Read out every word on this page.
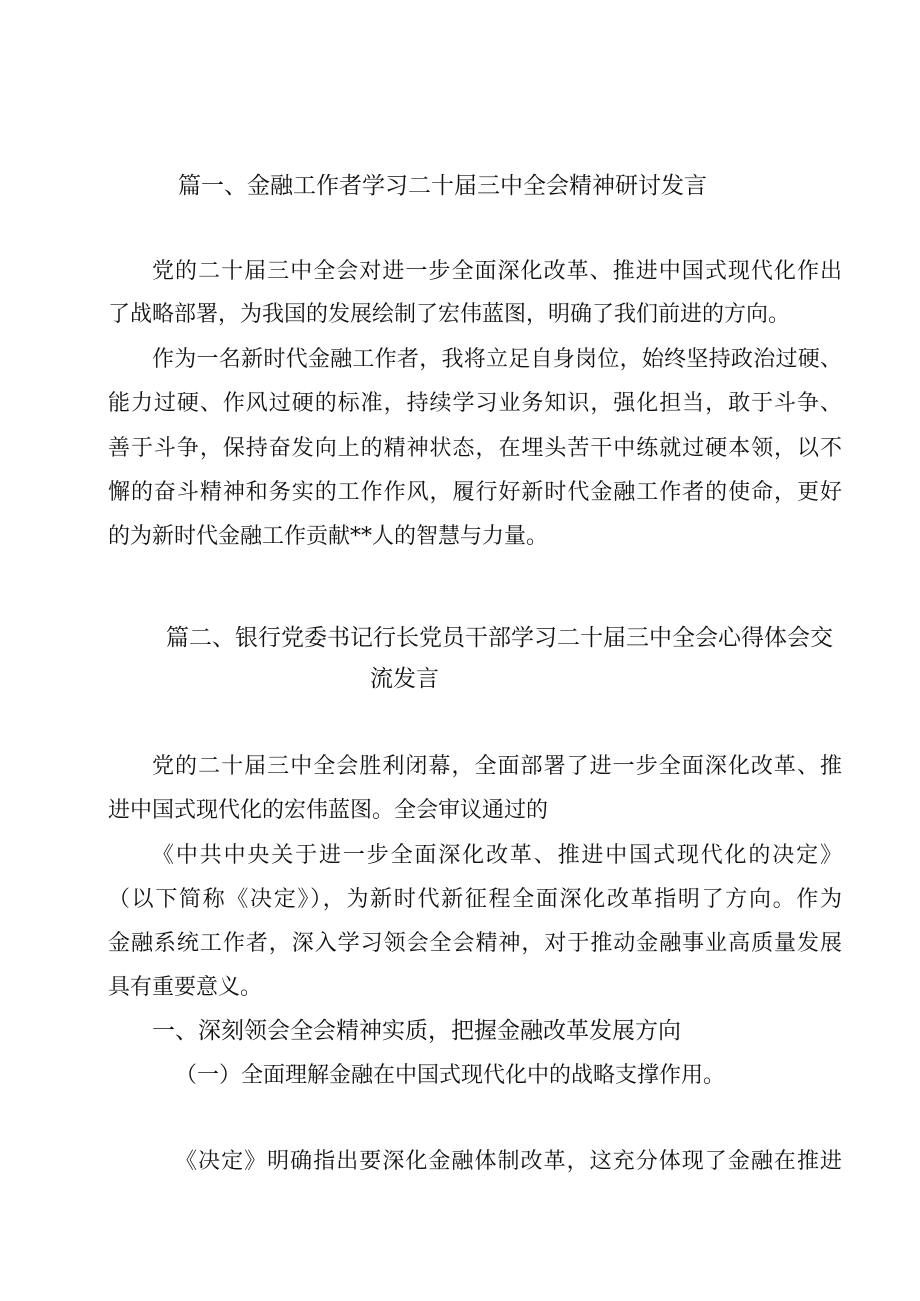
篇一、金融工作者学习二十届三中全会精神研讨发言
党的二十届三中全会对进一步全面深化改革、推进中国式现代化作出
了战略部署，为我国的发展绘制了宏伟蓝图，明确了我们前进的方向。
作为一名新时代金融工作者，我将立足自身岗位，始终坚持政治过硬、
能力过硬、作风过硬的标准，持续学习业务知识，强化担当，敢于斗争、
善于斗争，保持奋发向上的精神状态，在埋头苦干中练就过硬本领，以不
懈的奋斗精神和务实的工作作风，履行好新时代金融工作者的使命，更好
的为新时代金融工作贡献**人的智慧与力量。
篇二、银行党委书记行长党员干部学习二十届三中全会心得体会交
流发言
党的二十届三中全会胜利闭幕，全面部署了进一步全面深化改革、推
进中国式现代化的宏伟蓝图。全会审议通过的
《中共中央关于进一步全面深化改革、推进中国式现代化的决定》
（以下简称《决定》），为新时代新征程全面深化改革指明了方向。作为
金融系统工作者，深入学习领会全会精神，对于推动金融事业高质量发展
具有重要意义。
一、深刻领会全会精神实质，把握金融改革发展方向
（一）全面理解金融在中国式现代化中的战略支撑作用。
《决定》明确指出要深化金融体制改革，这充分体现了金融在推进
